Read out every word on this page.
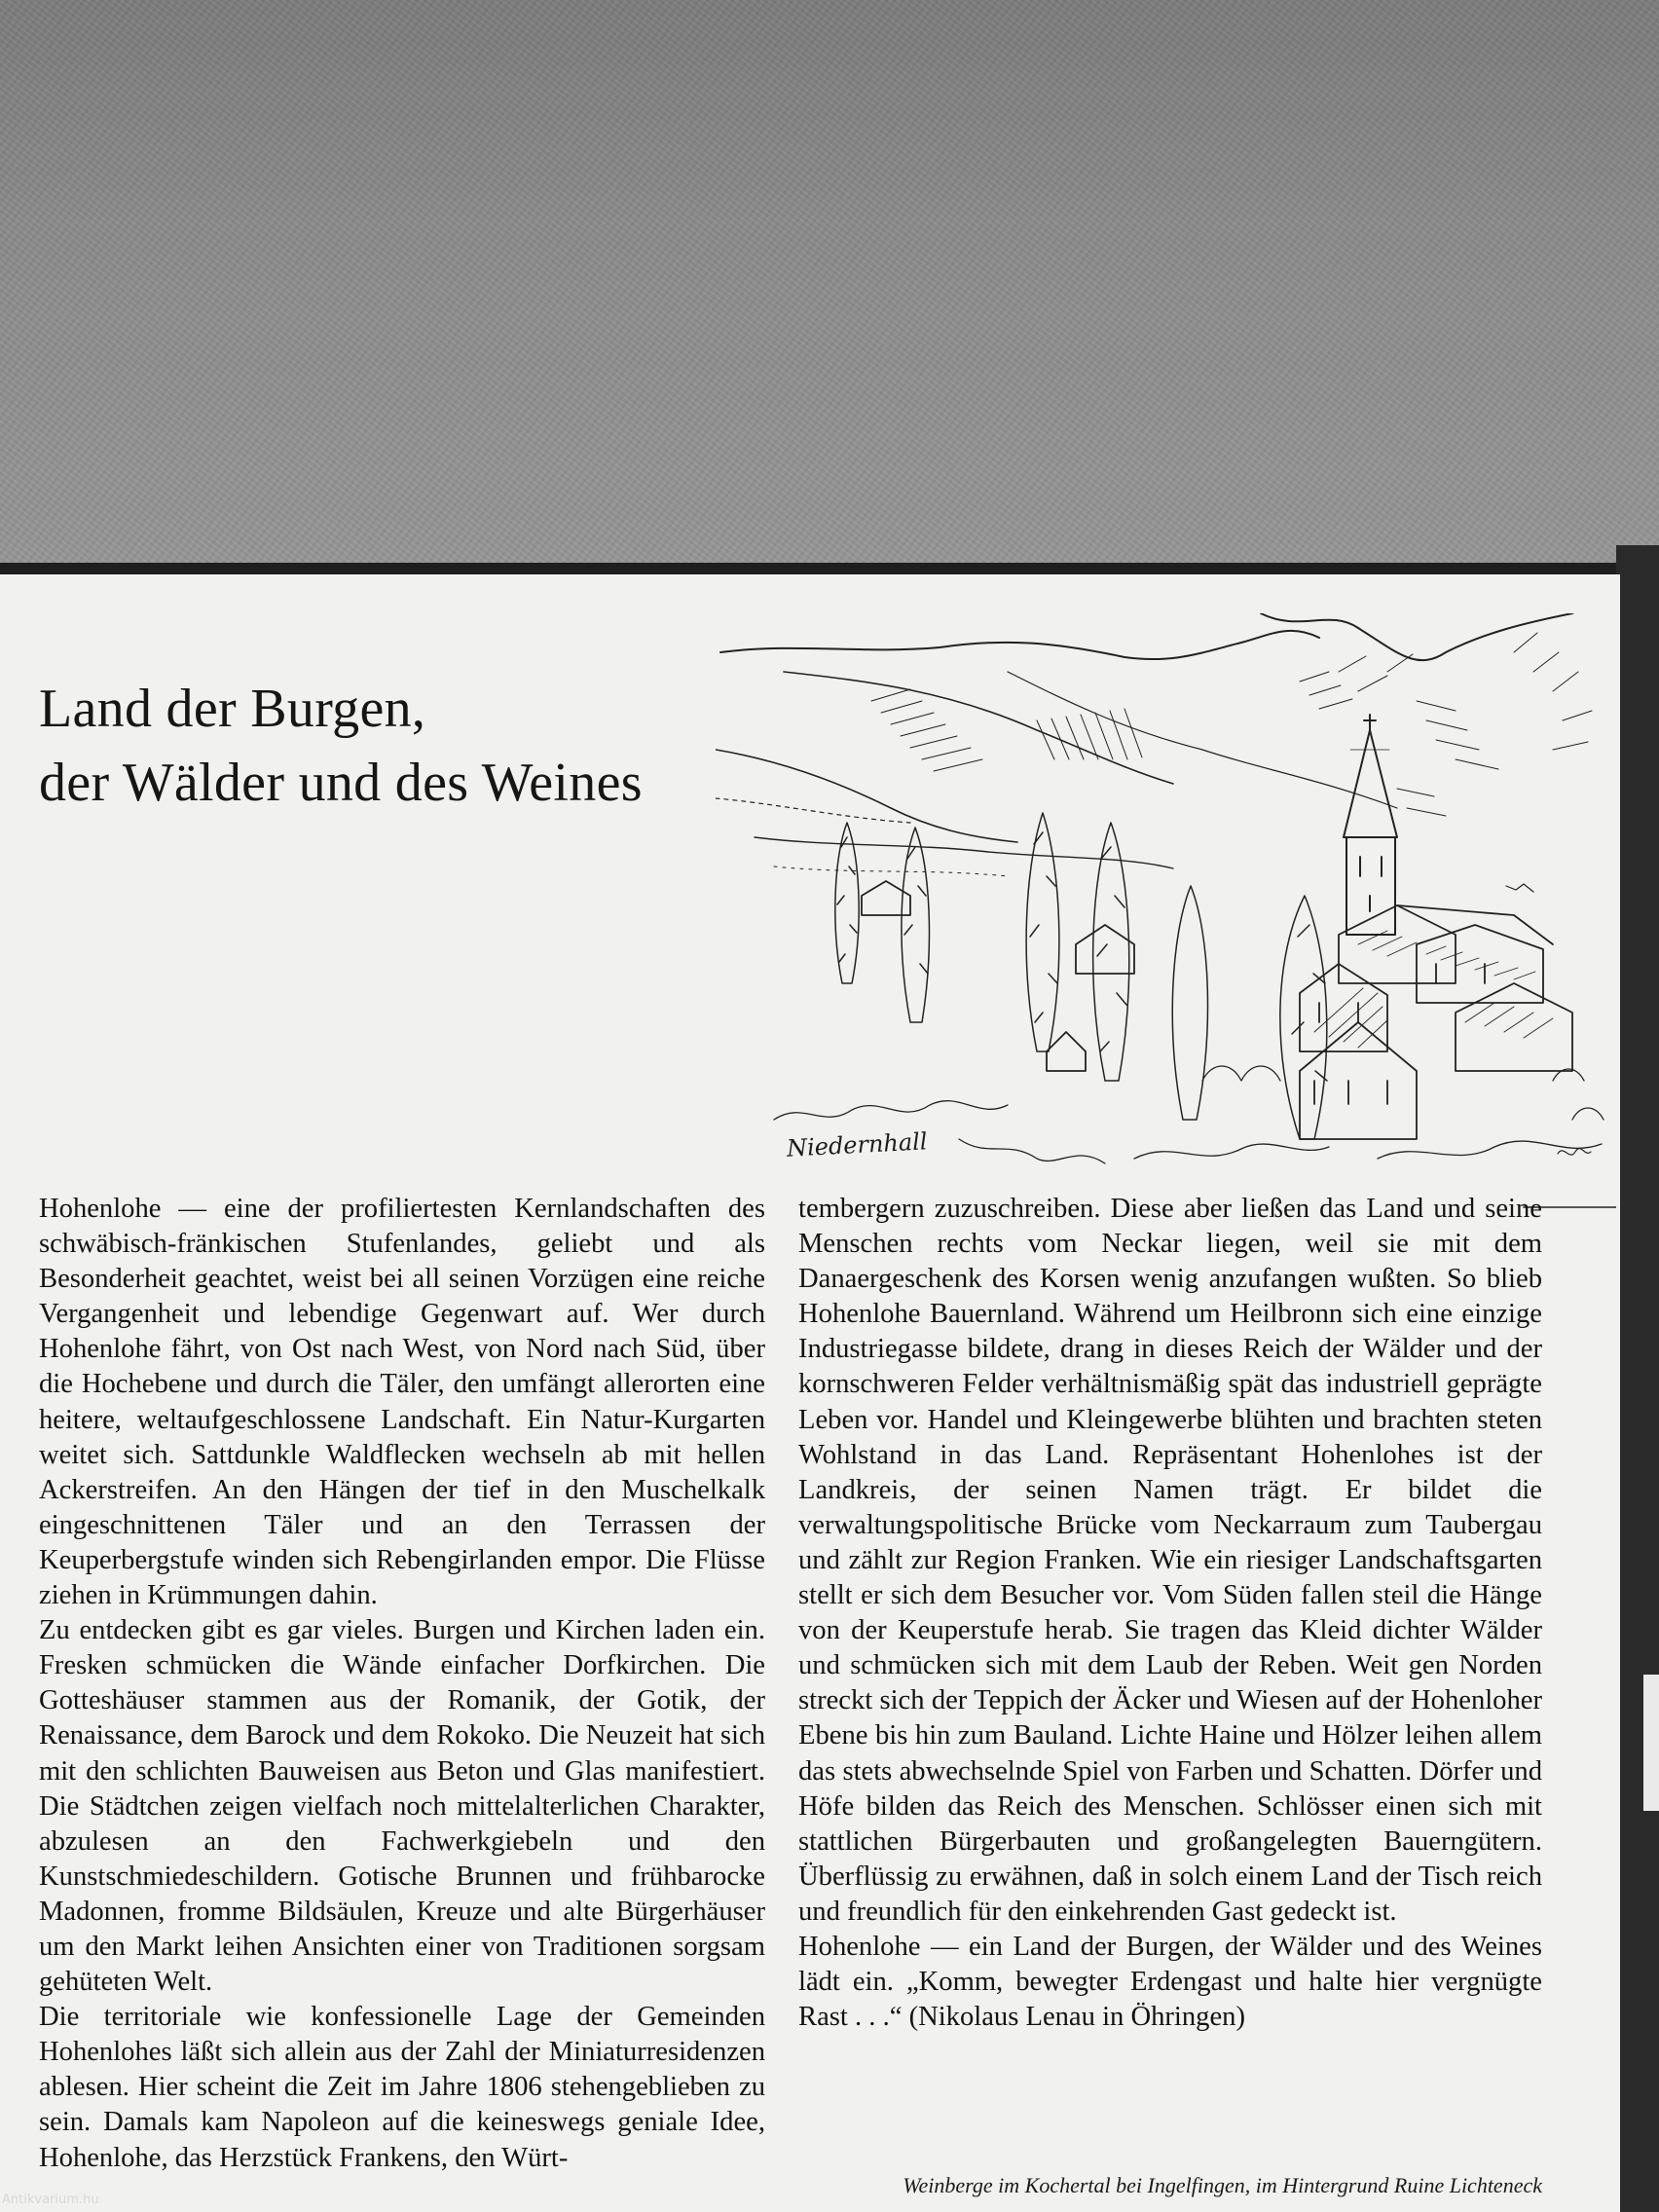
Land der Burgen,
der Wälder und des Weines
Niedernhall

Hohenlohe — eine der profiliertesten Kernlandschaften des schwäbisch-fränkischen Stufenlandes, geliebt und als Besonderheit geachtet, weist bei all seinen Vorzügen eine reiche Vergangenheit und lebendige Gegenwart auf. Wer durch Hohenlohe fährt, von Ost nach West, von Nord nach Süd, über die Hochebene und durch die Täler, den umfängt allerorten eine heitere, weltaufgeschlossene Landschaft. Ein Natur-Kurgarten weitet sich. Sattdunkle Waldflecken wechseln ab mit hellen Ackerstreifen. An den Hängen der tief in den Muschelkalk eingeschnittenen Täler und an den Terrassen der Keuperbergstufe winden sich Rebengirlanden empor. Die Flüsse ziehen in Krümmungen dahin.

Zu entdecken gibt es gar vieles. Burgen und Kirchen laden ein. Fresken schmücken die Wände einfacher Dorfkirchen. Die Gotteshäuser stammen aus der Romanik, der Gotik, der Renaissance, dem Barock und dem Rokoko. Die Neuzeit hat sich mit den schlichten Bauweisen aus Beton und Glas manifestiert. Die Städtchen zeigen vielfach noch mittelalterlichen Charakter, abzulesen an den Fachwerkgiebeln und den Kunstschmiedeschildern. Gotische Brunnen und frühbarocke Madonnen, fromme Bildsäulen, Kreuze und alte Bürgerhäuser um den Markt leihen Ansichten einer von Traditionen sorgsam gehüteten Welt.

Die territoriale wie konfessionelle Lage der Gemeinden Hohenlohes läßt sich allein aus der Zahl der Miniaturresidenzen ablesen. Hier scheint die Zeit im Jahre 1806 stehengeblieben zu sein. Damals kam Napoleon auf die keineswegs geniale Idee, Hohenlohe, das Herzstück Frankens, den Würt-

tembergern zuzuschreiben. Diese aber ließen das Land und seine Menschen rechts vom Neckar liegen, weil sie mit dem Danaergeschenk des Korsen wenig anzufangen wußten. So blieb Hohenlohe Bauernland. Während um Heilbronn sich eine einzige Industriegasse bildete, drang in dieses Reich der Wälder und der kornschweren Felder verhältnismäßig spät das industriell geprägte Leben vor. Handel und Kleingewerbe blühten und brachten steten Wohlstand in das Land. Repräsentant Hohenlohes ist der Landkreis, der seinen Namen trägt. Er bildet die verwaltungspolitische Brücke vom Neckarraum zum Taubergau und zählt zur Region Franken. Wie ein riesiger Landschaftsgarten stellt er sich dem Besucher vor. Vom Süden fallen steil die Hänge von der Keuperstufe herab. Sie tragen das Kleid dichter Wälder und schmücken sich mit dem Laub der Reben. Weit gen Norden streckt sich der Teppich der Äcker und Wiesen auf der Hohenloher Ebene bis hin zum Bauland. Lichte Haine und Hölzer leihen allem das stets abwechselnde Spiel von Farben und Schatten. Dörfer und Höfe bilden das Reich des Menschen. Schlösser einen sich mit stattlichen Bürgerbauten und großangelegten Bauerngütern. Überflüssig zu erwähnen, daß in solch einem Land der Tisch reich und freundlich für den einkehrenden Gast gedeckt ist.

Hohenlohe — ein Land der Burgen, der Wälder und des Weines lädt ein. „Komm, bewegter Erdengast und halte hier vergnügte Rast . . .“ (Nikolaus Lenau in Öhringen)

Weinberge im Kochertal bei Ingelfingen, im Hintergrund Ruine Lichteneck
Antikvarium.hu
